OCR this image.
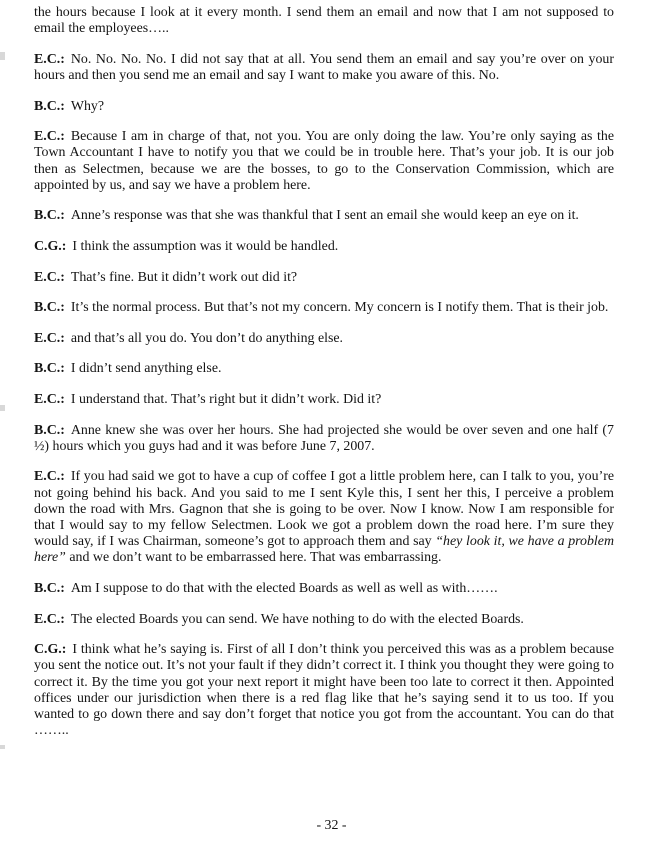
the hours because I look at it every month. I send them an email and now that I am not supposed to email the employees…..

E.C.: No. No. No. No. I did not say that at all. You send them an email and say you’re over on your hours and then you send me an email and say I want to make you aware of this. No.

B.C.: Why?

E.C.: Because I am in charge of that, not you. You are only doing the law. You’re only saying as the Town Accountant I have to notify you that we could be in trouble here. That’s your job. It is our job then as Selectmen, because we are the bosses, to go to the Conservation Commission, which are appointed by us, and say we have a problem here.

B.C.: Anne’s response was that she was thankful that I sent an email she would keep an eye on it.

C.G.: I think the assumption was it would be handled.

E.C.: That’s fine. But it didn’t work out did it?

B.C.: It’s the normal process. But that’s not my concern. My concern is I notify them. That is their job.

E.C.: and that’s all you do. You don’t do anything else.

B.C.: I didn’t send anything else.

E.C.: I understand that. That’s right but it didn’t work. Did it?

B.C.: Anne knew she was over her hours. She had projected she would be over seven and one half (7 ½) hours which you guys had and it was before June 7, 2007.

E.C.: If you had said we got to have a cup of coffee I got a little problem here, can I talk to you, you’re not going behind his back. And you said to me I sent Kyle this, I sent her this, I perceive a problem down the road with Mrs. Gagnon that she is going to be over. Now I know. Now I am responsible for that I would say to my fellow Selectmen. Look we got a problem down the road here. I’m sure they would say, if I was Chairman, someone’s got to approach them and say “hey look it, we have a problem here” and we don’t want to be embarrassed here. That was embarrassing.

B.C.: Am I suppose to do that with the elected Boards as well as well as with…….

E.C.: The elected Boards you can send. We have nothing to do with the elected Boards.

C.G.: I think what he’s saying is. First of all I don’t think you perceived this was as a problem because you sent the notice out. It’s not your fault if they didn’t correct it. I think you thought they were going to correct it. By the time you got your next report it might have been too late to correct it then. Appointed offices under our jurisdiction when there is a red flag like that he’s saying send it to us too. If you wanted to go down there and say don’t forget that notice you got from the accountant. You can do that ……..

- 32 -
